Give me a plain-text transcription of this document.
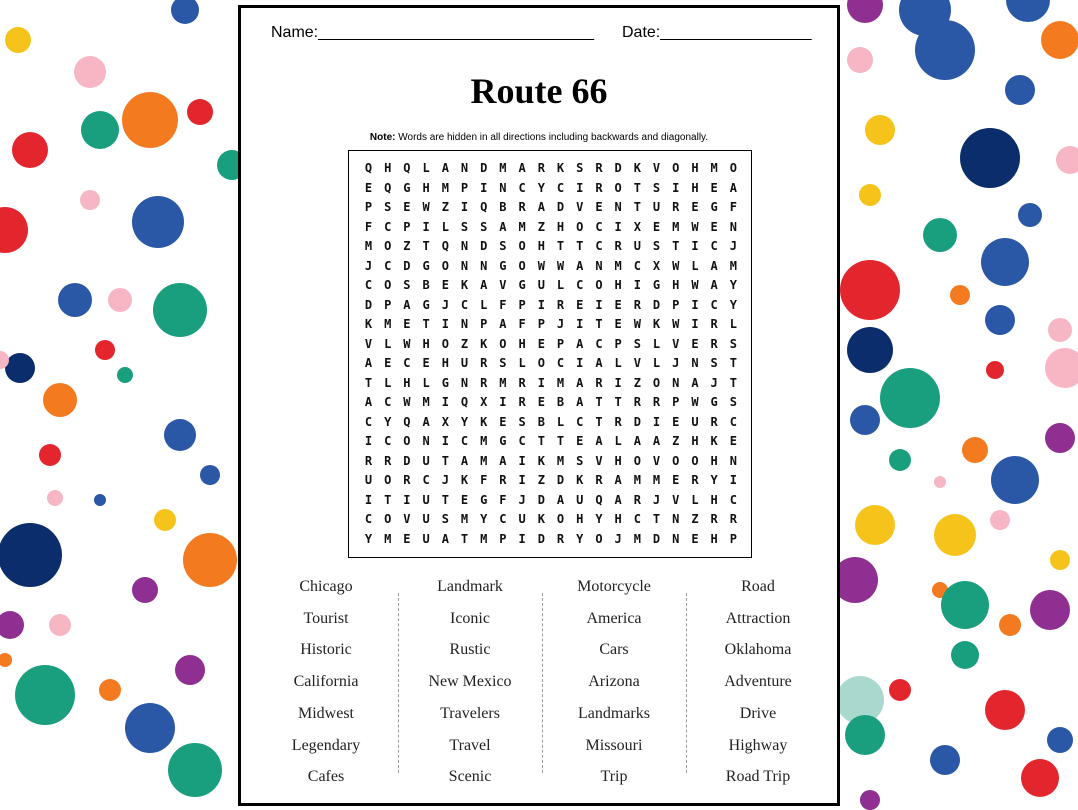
Name:_______________________________ Date:_________________
Route 66
Note: Words are hidden in all directions including backwards and diagonally.
Q H Q L A N D M A R K S R D K V O H M O
E Q G H M P I N C Y C I R O T S I H E A
P S E W Z I Q B R A D V E N T U R E G F
F C P I L S S A M Z H O C I X E M W E N
M O Z T Q N D S O H T T C R U S T I C J
J C D G O N N G O W W A N M C X W L A M
C O S B E K A V G U L C O H I G H W A Y
D P A G J C L F P I R E I E R D P I C Y
K M E T I N P A F P J I T E W K W I R L
V L W H O Z K O H E P A C P S L V E R S
A E C E H U R S L O C I A L V L J N S T
T L H L G N R M R I M A R I Z O N A J T
A C W M I Q X I R E B A T T R R P W G S
C Y Q A X Y K E S B L C T R D I E U R C
I C O N I C M G C T T E A L A A Z H K E
R R D U T A M A I K M S V H O V O O H N
U O R C J K F R I Z D K R A M M E R Y I
I T I U T E G F J D A U Q A R J V L H C
C O V U S M Y C U K O H Y H C T N Z R R
Y M E U A T M P I D R Y O J M D N E H P
Chicago
Tourist
Historic
California
Midwest
Legendary
Cafes
Landmark
Iconic
Rustic
New Mexico
Travelers
Travel
Scenic
Motorcycle
America
Cars
Arizona
Landmarks
Missouri
Trip
Road
Attraction
Oklahoma
Adventure
Drive
Highway
Road Trip
